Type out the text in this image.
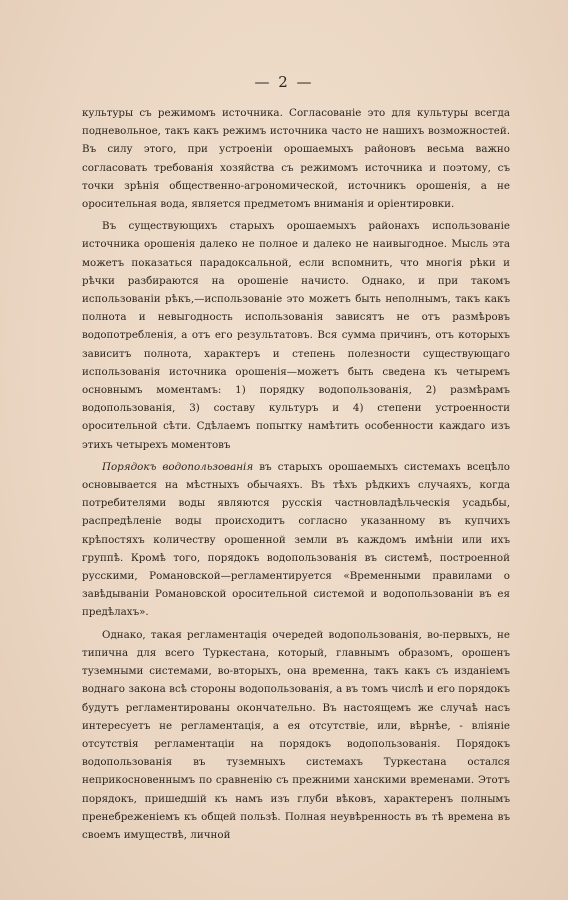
— 2 —

культуры съ режимомъ источника. Согласованіе это для культуры всегда подневольное, такъ какъ режимъ источника часто не нашихъ возможностей. Въ силу этого, при устроеніи орошаемыхъ районовъ весьма важно согласовать требованія хозяйства съ режимомъ источника и поэтому, съ точки зрѣнія общественно-агрономической, источникъ орошенія, а не оросительная вода, является предметомъ вниманія и оріентировки.

Въ существующихъ старыхъ орошаемыхъ районахъ использованіе источника орошенія далеко не полное и далеко не наивыгодное. Мысль эта можетъ показаться парадоксальной, если вспомнить, что многія рѣки и рѣчки разбираются на орошеніе начисто. Однако, и при такомъ использованіи рѣкъ,—использованіе это можетъ быть неполнымъ, такъ какъ полнота и невыгодность использованія зависятъ не отъ размѣровъ водопотребленія, а отъ его результатовъ. Вся сумма причинъ, отъ которыхъ зависитъ полнота, характеръ и степень полезности существующаго использованія источника орошенія—можетъ быть сведена къ четыремъ основнымъ моментамъ: 1) порядку водопользованія, 2) размѣрамъ водопользованія, 3) составу культуръ и 4) степени устроенности оросительной сѣти. Сдѣлаемъ попытку намѣтить особенности каждаго изъ этихъ четырехъ моментовъ

Порядокъ водопользованія въ старыхъ орошаемыхъ системахъ всецѣло основывается на мѣстныхъ обычаяхъ. Въ тѣхъ рѣдкихъ случаяхъ, когда потребителями воды являются русскія частновладѣльческія усадьбы, распредѣленіе воды происходитъ согласно указанному въ купчихъ крѣпостяхъ количеству орошенной земли въ каждомъ имѣніи или ихъ группѣ. Кромѣ того, порядокъ водопользованія въ системѣ, построенной русскими, Романовской—регламентируется «Временными правилами о завѣдываніи Романовской оросительной системой и водопользованіи въ ея предѣлахъ».

Однако, такая регламентація очередей водопользованія, во-первыхъ, не типична для всего Туркестана, который, главнымъ образомъ, орошенъ туземными системами, во-вторыхъ, она временна, такъ какъ съ изданіемъ воднаго закона всѣ стороны водопользованія, а въ томъ числѣ и его порядокъ будутъ регламентированы окончательно. Въ настоящемъ же случаѣ насъ интересуетъ не регламентація, а ея отсутствіе, или, вѣрнѣе, - вліяніе отсутствія регламентаціи на порядокъ водопользованія. Порядокъ водопользованія въ туземныхъ системахъ Туркестана остался неприкосновеннымъ по сравненію съ прежними ханскими временами. Этотъ порядокъ, пришедшій къ намъ изъ глуби вѣковъ, характеренъ полнымъ пренебреженіемъ къ общей пользѣ. Полная неувѣренность въ тѣ времена въ своемъ имуществѣ, личной
